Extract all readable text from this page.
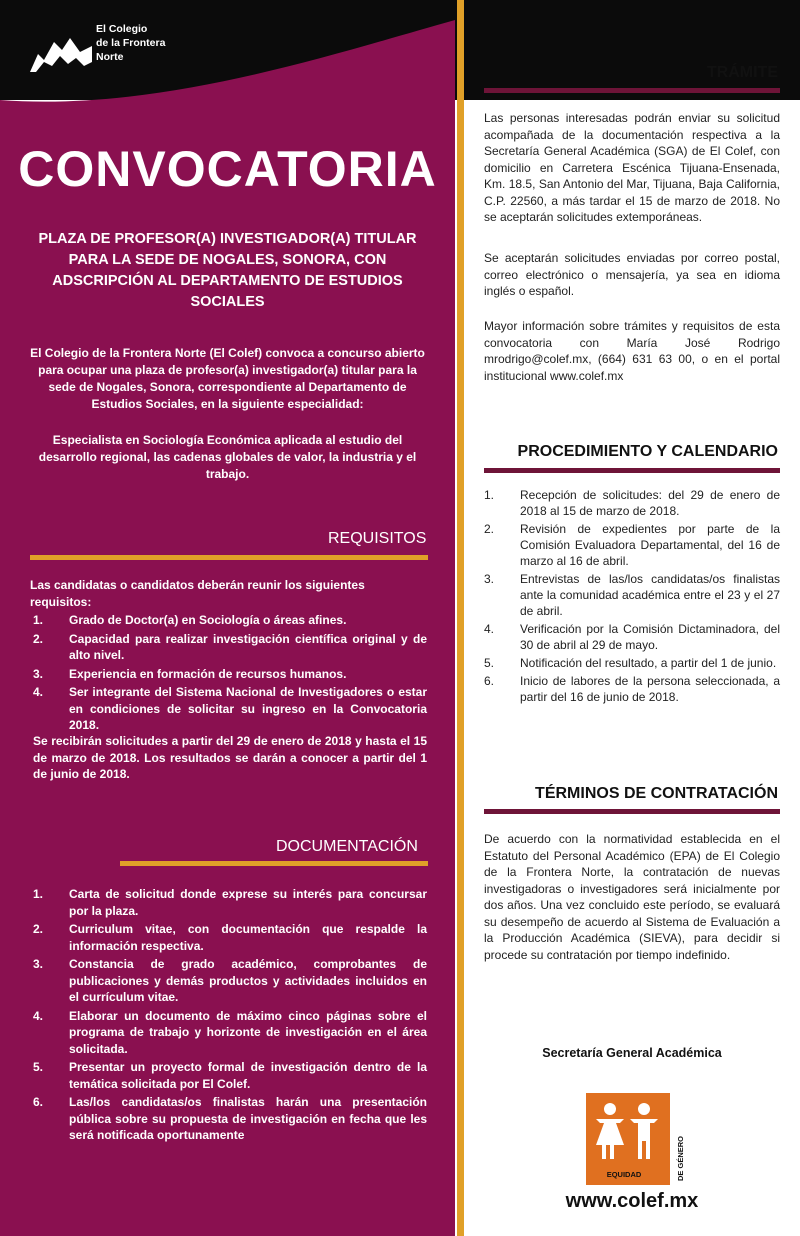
El Colegio
de la Frontera
Norte
CONVOCATORIA
PLAZA DE PROFESOR(A) INVESTIGADOR(A) TITULAR PARA LA SEDE DE NOGALES, SONORA, CON ADSCRIPCIÓN AL DEPARTAMENTO DE ESTUDIOS SOCIALES
El Colegio de la Frontera Norte (El Colef) convoca a concurso abierto para ocupar una plaza de profesor(a) investigador(a) titular para la sede de Nogales, Sonora, correspondiente al Departamento de Estudios Sociales, en la siguiente especialidad:
Especialista en Sociología Económica aplicada al estudio del desarrollo regional, las cadenas globales de valor, la industria y el trabajo.
REQUISITOS
Las candidatas o candidatos deberán reunir los siguientes requisitos:
1. Grado de Doctor(a) en Sociología o áreas afines.
2. Capacidad para realizar investigación científica original y de alto nivel.
3. Experiencia en formación de recursos humanos.
4. Ser integrante del Sistema Nacional de Investigadores o estar en condiciones de solicitar su ingreso en la Convocatoria 2018.
Se recibirán solicitudes a partir del 29 de enero de 2018 y hasta el 15 de marzo de 2018. Los resultados se darán a conocer a partir del 1 de junio de 2018.
DOCUMENTACIÓN
1. Carta de solicitud donde exprese su interés para concursar por la plaza.
2. Curriculum vitae, con documentación que respalde la información respectiva.
3. Constancia de grado académico, comprobantes de publicaciones y demás productos y actividades incluidos en el currículum vitae.
4. Elaborar un documento de máximo cinco páginas sobre el programa de trabajo y horizonte de investigación en el área solicitada.
5. Presentar un proyecto formal de investigación dentro de la temática solicitada por El Colef.
6. Las/los candidatas/os finalistas harán una presentación pública sobre su propuesta de investigación en fecha que les será notificada oportunamente
TRÁMITE
Las personas interesadas podrán enviar su solicitud acompañada de la documentación respectiva a la Secretaría General Académica (SGA) de El Colef, con domicilio en Carretera Escénica Tijuana-Ensenada, Km. 18.5, San Antonio del Mar, Tijuana, Baja California, C.P. 22560, a más tardar el 15 de marzo de 2018. No se aceptarán solicitudes extemporáneas.
Se aceptarán solicitudes enviadas por correo postal, correo electrónico o mensajería, ya sea en idioma inglés o español.
Mayor información sobre trámites y requisitos de esta convocatoria con María José Rodrigo mrodrigo@colef.mx, (664) 631 63 00, o en el portal institucional www.colef.mx
PROCEDIMIENTO Y CALENDARIO
1. Recepción de solicitudes: del 29 de enero de 2018 al 15 de marzo de 2018.
2. Revisión de expedientes por parte de la Comisión Evaluadora Departamental, del 16 de marzo al 16 de abril.
3. Entrevistas de las/los candidatas/os finalistas ante la comunidad académica entre el 23 y el 27 de abril.
4. Verificación por la Comisión Dictaminadora, del 30 de abril al 29 de mayo.
5. Notificación del resultado, a partir del 1 de junio.
6. Inicio de labores de la persona seleccionada, a partir del 16 de junio de 2018.
TÉRMINOS DE CONTRATACIÓN
De acuerdo con la normatividad establecida en el Estatuto del Personal Académico (EPA) de El Colegio de la Frontera Norte, la contratación de nuevas investigadoras o investigadores será inicialmente por dos años. Una vez concluido este período, se evaluará su desempeño de acuerdo al Sistema de Evaluación a la Producción Académica (SIEVA), para decidir si procede su contratación por tiempo indefinido.
Secretaría General Académica
EQUIDAD	DE GÉNERO
www.colef.mx
